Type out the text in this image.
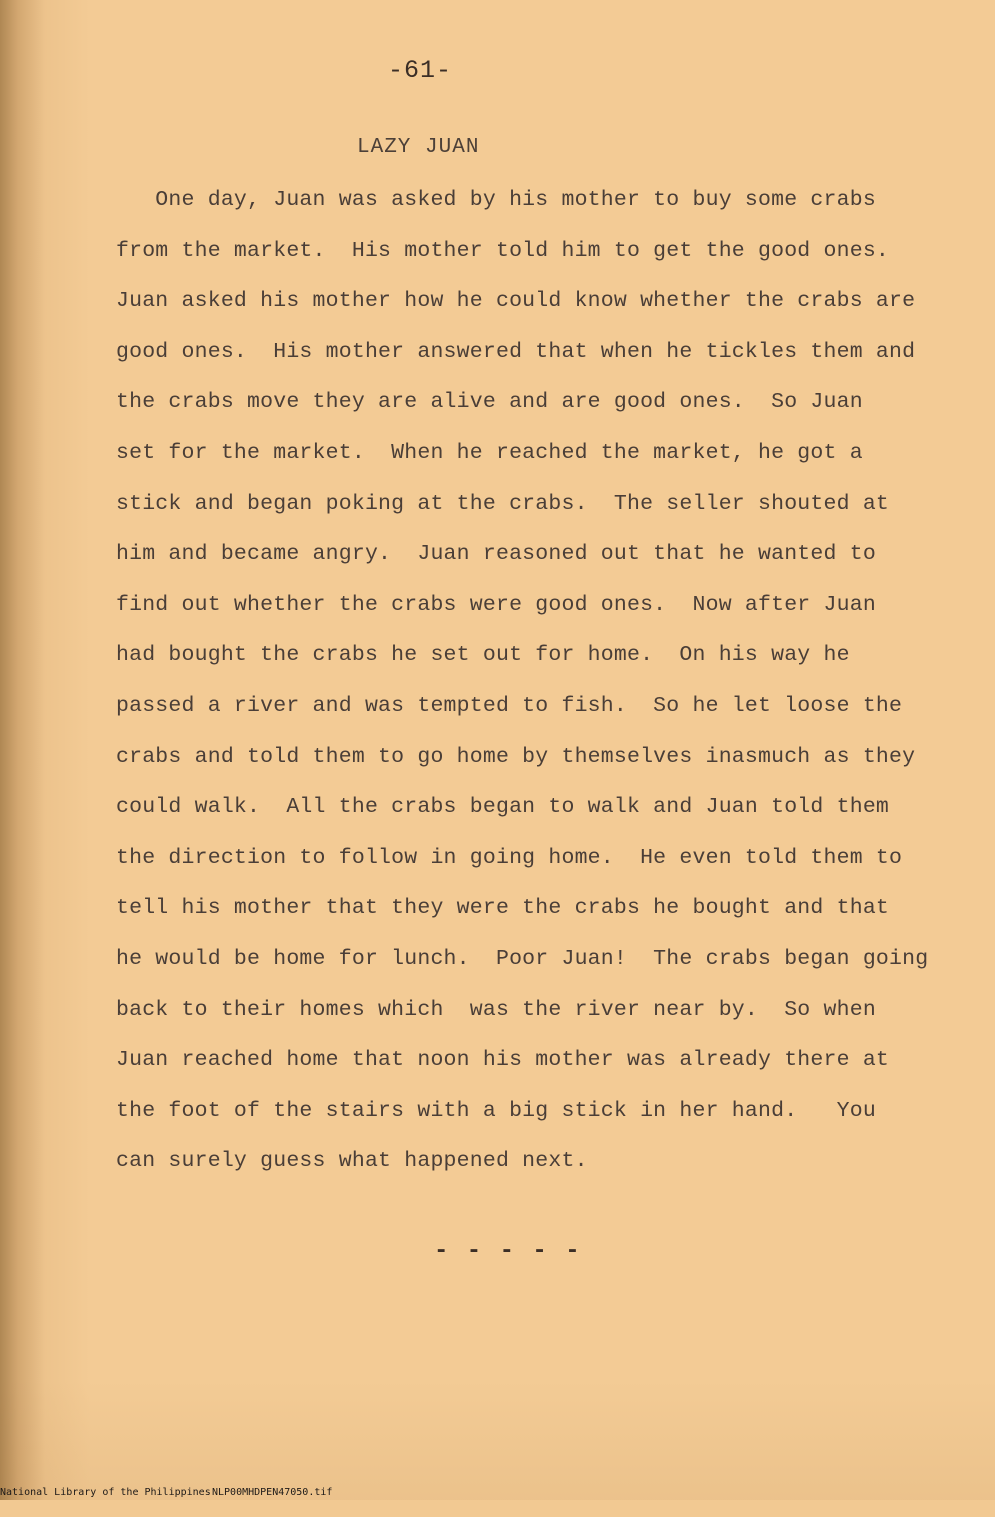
-61-
LAZY JUAN
One day, Juan was asked by his mother to buy some crabs
from the market.  His mother told him to get the good ones.
Juan asked his mother how he could know whether the crabs are
good ones.  His mother answered that when he tickles them and
the crabs move they are alive and are good ones.  So Juan
set for the market.  When he reached the market, he got a
stick and began poking at the crabs.  The seller shouted at
him and became angry.  Juan reasoned out that he wanted to
find out whether the crabs were good ones.  Now after Juan
had bought the crabs he set out for home.  On his way he
passed a river and was tempted to fish.  So he let loose the
crabs and told them to go home by themselves inasmuch as they
could walk.  All the crabs began to walk and Juan told them
the direction to follow in going home.  He even told them to
tell his mother that they were the crabs he bought and that
he would be home for lunch.  Poor Juan!  The crabs began going
back to their homes which  was the river near by.  So when
Juan reached home that noon his mother was already there at
the foot of the stairs with a big stick in her hand.   You
can surely guess what happened next.
- - - - -

National Library of the Philippines

NLP00MHDPEN47050.tif
